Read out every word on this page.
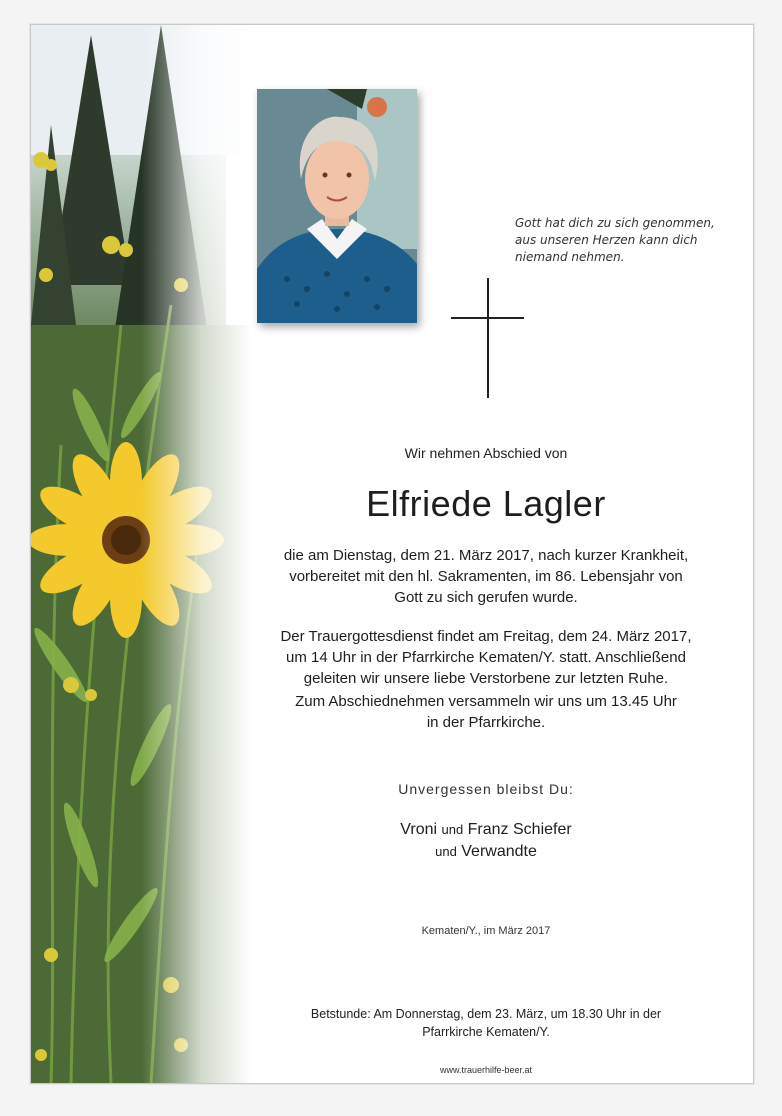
Gott hat dich zu sich genommen,
aus unseren Herzen kann dich
niemand nehmen.
Wir nehmen Abschied von
Elfriede Lagler
die am Dienstag, dem 21. März 2017, nach kurzer Krankheit,
vorbereitet mit den hl. Sakramenten, im 86. Lebensjahr von
Gott zu sich gerufen wurde.
Der Trauergottesdienst findet am Freitag, dem 24. März 2017,
um 14 Uhr in der Pfarrkirche Kematen/Y. statt. Anschließend
geleiten wir unsere liebe Verstorbene zur letzten Ruhe.
Zum Abschiednehmen versammeln wir uns um 13.45 Uhr
in der Pfarrkirche.
Unvergessen bleibst Du:
Vroni und Franz Schiefer
und Verwandte
Kematen/Y., im März 2017
Betstunde: Am Donnerstag, dem 23. März, um 18.30 Uhr in der
Pfarrkirche Kematen/Y.
www.trauerhilfe-beer.at
